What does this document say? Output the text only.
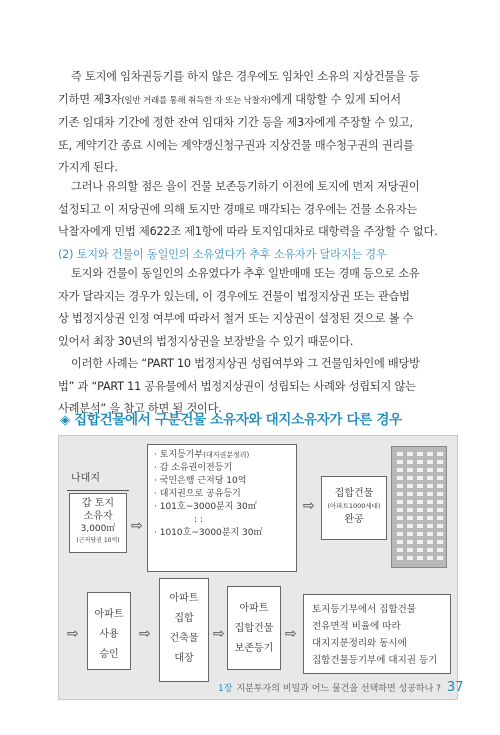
즉 토지에 임차권등기를 하지 않은 경우에도 임차인 소유의 지상건물을 등

기하면 제3자(일반 거래를 통해 취득한 자 또는 낙찰자)에게 대항할 수 있게 되어서
기존 임대차 기간에 정한 잔여 임대차 기간 등을 제3자에게 주장할 수 있고,
또, 계약기간 종료 시에는 계약갱신청구권과 지상건물 매수청구권의 권리를
가지게 된다.

그러나 유의할 점은 을이 건물 보존등기하기 이전에 토지에 먼저 저당권이

설정되고 이 저당권에 의해 토지만 경매로 매각되는 경우에는 건물 소유자는
낙찰자에게 민법 제622조 제1항에 따라 토지임대차로 대항력을 주장할 수 없다.
(2) 토지와 건물이 동일인의 소유였다가 추후 소유자가 달라지는 경우

토지와 건물이 동일인의 소유였다가 추후 일반매매 또는 경매 등으로 소유

자가 달라지는 경우가 있는데, 이 경우에도 건물이 법정지상권 또는 관습법
상 법정지상권 인정 여부에 따라서 철거 또는 지상권이 설정된 것으로 볼 수
있어서 최장 30년의 법정지상권을 보장받을 수 있기 때문이다.

이러한 사례는 “PART 10 법정지상권 성립여부와 그 건물임차인에 배당방

법” 과 “PART 11 공유물에서 법정지상권이 성립되는 사례와 성립되지 않는
사례분석” 을 참고 하면 될 것이다.
◈ 집합건물에서 구분건물 소유자와 대지소유자가 다른 경우
나대지
갑 토지
소유자
3,000㎡
(근저당권 10억)
⇨
· 토지등기부(대지권분정리)
· 갑 소유권이전등기
· 국민은행 근저당 10억
· 대지권으로 공유등기
· 101호~3000분지 30㎡
: :
· 1010호~3000분지 30㎡
⇨
집합건물
(아파트1000세대)
완공
⇨
아파트
사용
승인
⇨
아파트
집합
건축물
대장
⇨
아파트
집합건물
보존등기
⇨
토지등기부에서 집합건물
전유면적 비율에 따라
대지지분정리와 동시에
집합건물등기부에 대지권 등기
1장 지분투자의 비밀과 어느 물건을 선택하면 성공하나 ? 37
